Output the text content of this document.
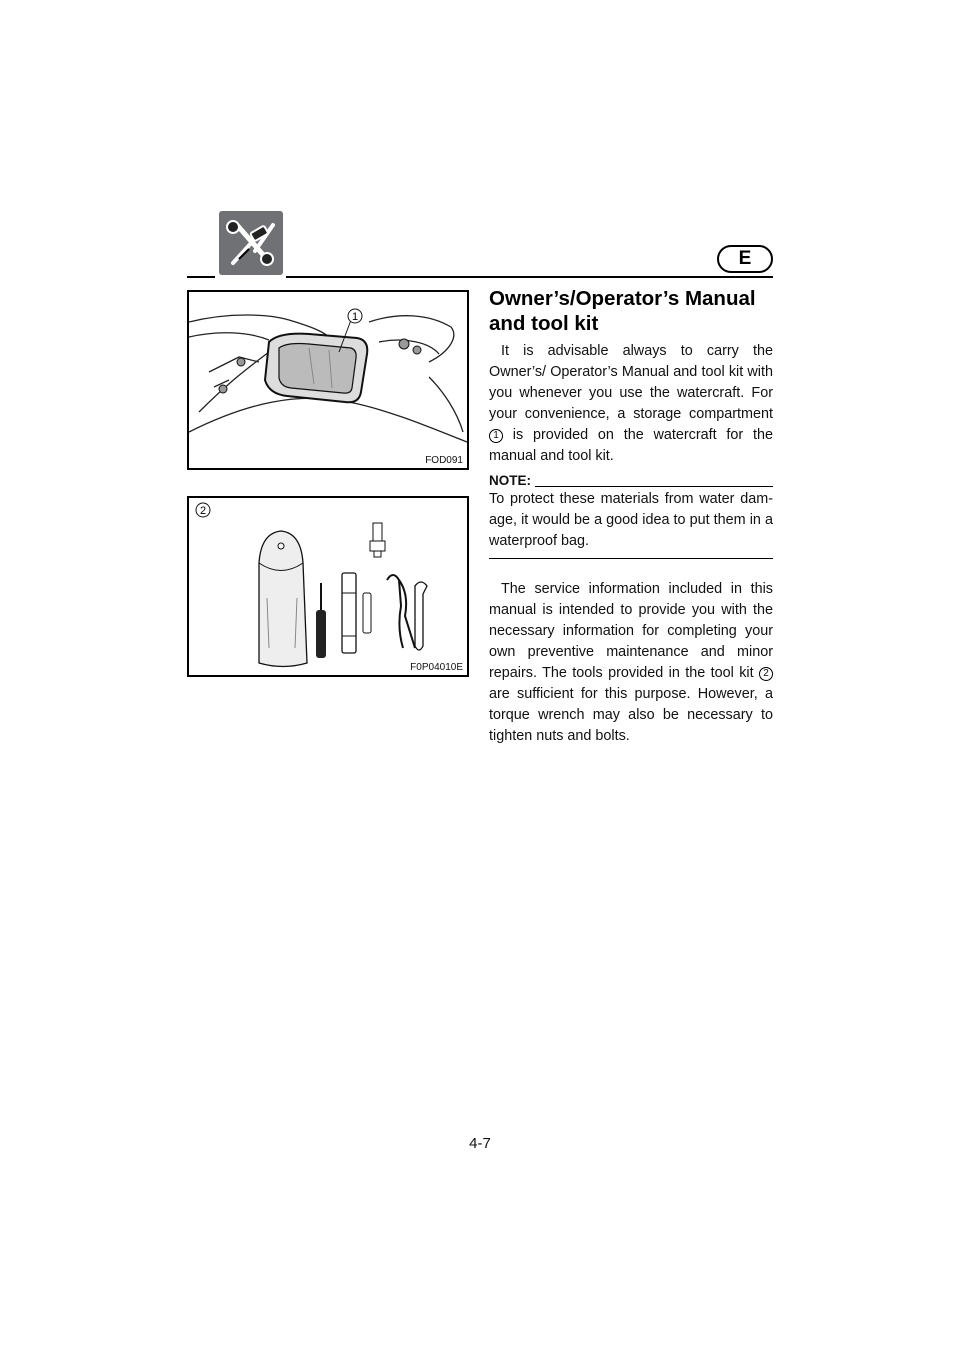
E
1
FOD091
2
F0P04010E
Owner’s/Operator’s Manual
and tool kit

It is advisable always to carry the Owner’s/ Operator’s Manual and tool kit with you whenever you use the watercraft. For your convenience, a storage compartment 1 is provided on the watercraft for the manual and tool kit.

NOTE:

To protect these materials from water dam-age, it would be a good idea to put them in a waterproof bag.

The service information included in this manual is intended to provide you with the necessary information for completing your own preventive maintenance and minor repairs. The tools provided in the tool kit 2 are sufficient for this purpose. However, a torque wrench may also be necessary to tighten nuts and bolts.

4-7
